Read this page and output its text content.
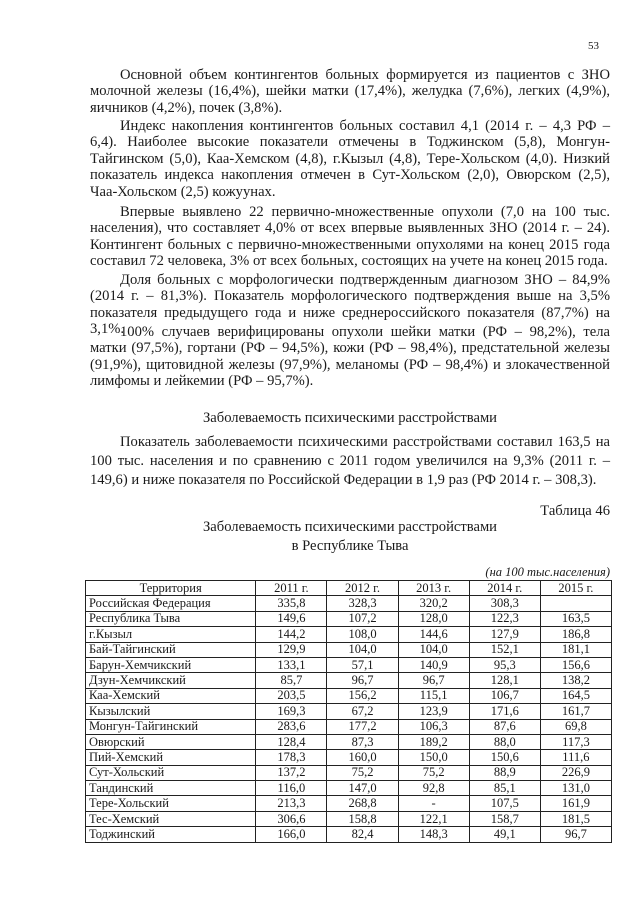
53

Основной объем контингентов больных формируется из пациентов с ЗНО молочной железы (16,4%), шейки матки (17,4%), желудка (7,6%), легких (4,9%), яичников (4,2%), почек (3,8%).

Индекс накопления контингентов больных составил 4,1 (2014 г. – 4,3 РФ – 6,4). Наиболее высокие показатели отмечены в Тоджинском (5,8), Монгун-Тайгинском (5,0), Каа-Хемском (4,8), г.Кызыл (4,8), Тере-Хольском (4,0). Низкий показатель индекса накопления отмечен в Сут-Хольском (2,0), Овюрском (2,5), Чаа-Хольском (2,5) кожуунах.

Впервые выявлено 22 первично-множественные опухоли (7,0 на 100 тыс. населения), что составляет 4,0% от всех впервые выявленных ЗНО (2014 г. – 24). Контингент больных с первично-множественными опухолями на конец 2015 года составил 72 человека, 3% от всех больных, состоящих на учете на конец 2015 года.

Доля больных с морфологически подтвержденным диагнозом ЗНО – 84,9% (2014 г. – 81,3%). Показатель морфологического подтверждения выше на 3,5% показателя предыдущего года и ниже среднероссийского показателя (87,7%) на 3,1%.

100% случаев верифицированы опухоли шейки матки (РФ – 98,2%), тела матки (97,5%), гортани (РФ – 94,5%), кожи (РФ – 98,4%), предстательной железы (91,9%), щитовидной железы (97,9%), меланомы (РФ – 98,4%) и злокачественной лимфомы и лейкемии (РФ – 95,7%).

Заболеваемость психическими расстройствами

Показатель заболеваемости психическими расстройствами составил 163,5 на 100 тыс. населения и по сравнению с 2011 годом увеличился на 9,3% (2011 г. – 149,6) и ниже показателя по Российской Федерации в 1,9 раз (РФ 2014 г. – 308,3).

Таблица 46
Заболеваемость психическими расстройствами
в Республике Тыва
(на 100 тыс.населения)
Территория	2011 г.	2012 г.	2013 г.	2014 г.	2015 г.
Российская Федерация	335,8	328,3	320,2	308,3	
Республика Тыва	149,6	107,2	128,0	122,3	163,5
г.Кызыл	144,2	108,0	144,6	127,9	186,8
Бай-Тайгинский	129,9	104,0	104,0	152,1	181,1
Барун-Хемчикский	133,1	57,1	140,9	95,3	156,6
Дзун-Хемчикский	85,7	96,7	96,7	128,1	138,2
Каа-Хемский	203,5	156,2	115,1	106,7	164,5
Кызылский	169,3	67,2	123,9	171,6	161,7
Монгун-Тайгинский	283,6	177,2	106,3	87,6	69,8
Овюрский	128,4	87,3	189,2	88,0	117,3
Пий-Хемский	178,3	160,0	150,0	150,6	111,6
Сут-Хольский	137,2	75,2	75,2	88,9	226,9
Тандинский	116,0	147,0	92,8	85,1	131,0
Тере-Хольский	213,3	268,8	-	107,5	161,9
Тес-Хемский	306,6	158,8	122,1	158,7	181,5
Тоджинский	166,0	82,4	148,3	49,1	96,7
